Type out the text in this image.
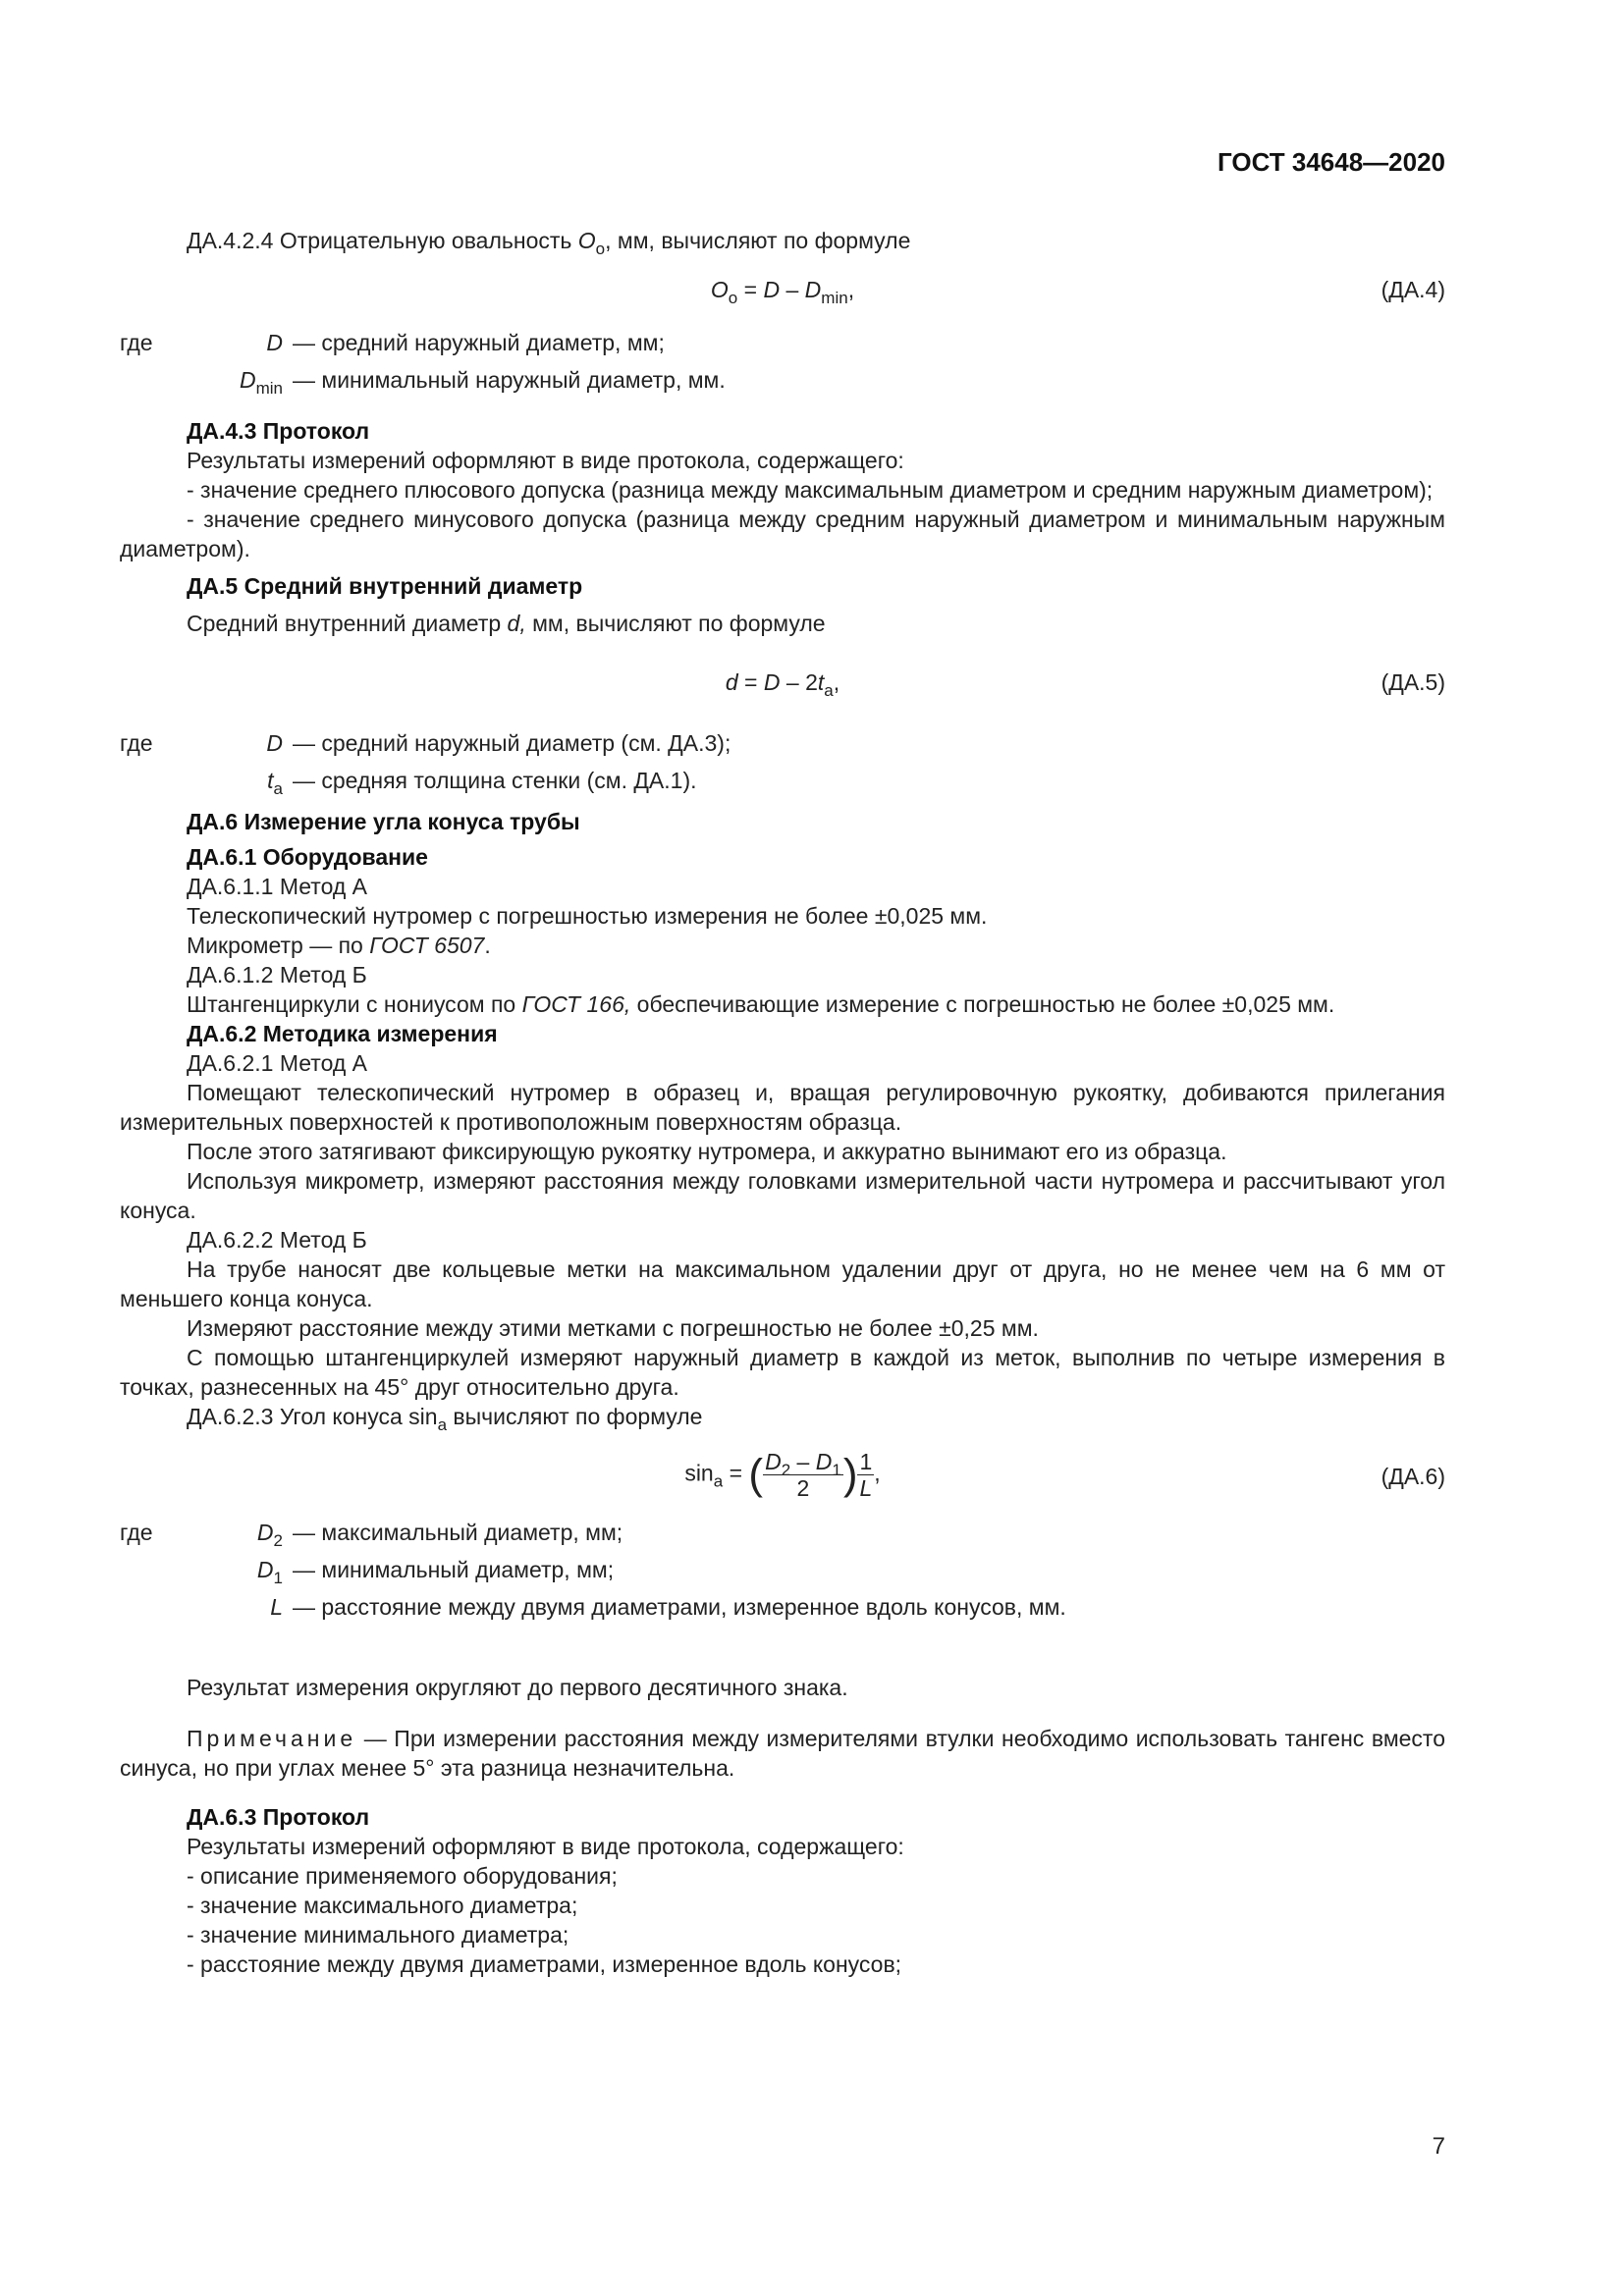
ГОСТ 34648—2020

ДА.4.2.4 Отрицательную овальность $O_o$, мм, вычисляют по формуле

$O_o = D - D_{min}$,	(ДА.4)
где	D — средний наружный диаметр, мм;
$D_{min}$ — минимальный наружный диаметр, мм.

ДА.4.3 Протокол

Результаты измерений оформляют в виде протокола, содержащего:

- значение среднего плюсового допуска (разница между максимальным диаметром и средним наружным диаметром);

- значение среднего минусового допуска (разница между средним наружный диаметром и минимальным наружным диаметром).

ДА.5 Средний внутренний диаметр

Средний внутренний диаметр d, мм, вычисляют по формуле

$d = D - 2t_a$,	(ДА.5)
где	D — средний наружный диаметр (см. ДА.3);
$t_a$ — средняя толщина стенки (см. ДА.1).

ДА.6 Измерение угла конуса трубы

ДА.6.1 Оборудование

ДА.6.1.1 Метод А

Телескопический нутромер с погрешностью измерения не более ±0,025 мм.

Микрометр — по ГОСТ 6507.

ДА.6.1.2 Метод Б

Штангенциркули с нониусом по ГОСТ 166, обеспечивающие измерение с погрешностью не более ±0,025 мм.

ДА.6.2 Методика измерения

ДА.6.2.1 Метод А

Помещают телескопический нутромер в образец и, вращая регулировочную рукоятку, добиваются прилегания измерительных поверхностей к противоположным поверхностям образца.

После этого затягивают фиксирующую рукоятку нутромера, и аккуратно вынимают его из образца.

Используя микрометр, измеряют расстояния между головками измерительной части нутромера и рассчитывают угол конуса.

ДА.6.2.2 Метод Б

На трубе наносят две кольцевые метки на максимальном удалении друг от друга, но не менее чем на 6 мм от меньшего конца конуса.

Измеряют расстояние между этими метками с погрешностью не более ±0,25 мм.

С помощью штангенциркулей измеряют наружный диаметр в каждой из меток, выполнив по четыре измерения в точках, разнесенных на 45° друг относительно друга.

ДА.6.2.3 Угол конуса $\sin_a$ вычисляют по формуле

$\sin_a$ = ( $\frac{D_2 - D_1}{2}$ ) $\frac{1}{L}$ ,	(ДА.6)
где	$D_2$ — максимальный диаметр, мм;
$D_1$ — минимальный диаметр, мм;
L — расстояние между двумя диаметрами, измеренное вдоль конусов, мм.

Результат измерения округляют до первого десятичного знака.

Примечание — При измерении расстояния между измерителями втулки необходимо использовать тангенс вместо синуса, но при углах менее 5° эта разница незначительна.

ДА.6.3 Протокол

Результаты измерений оформляют в виде протокола, содержащего:

- описание применяемого оборудования;

- значение максимального диаметра;

- значение минимального диаметра;

- расстояние между двумя диаметрами, измеренное вдоль конусов;

7
